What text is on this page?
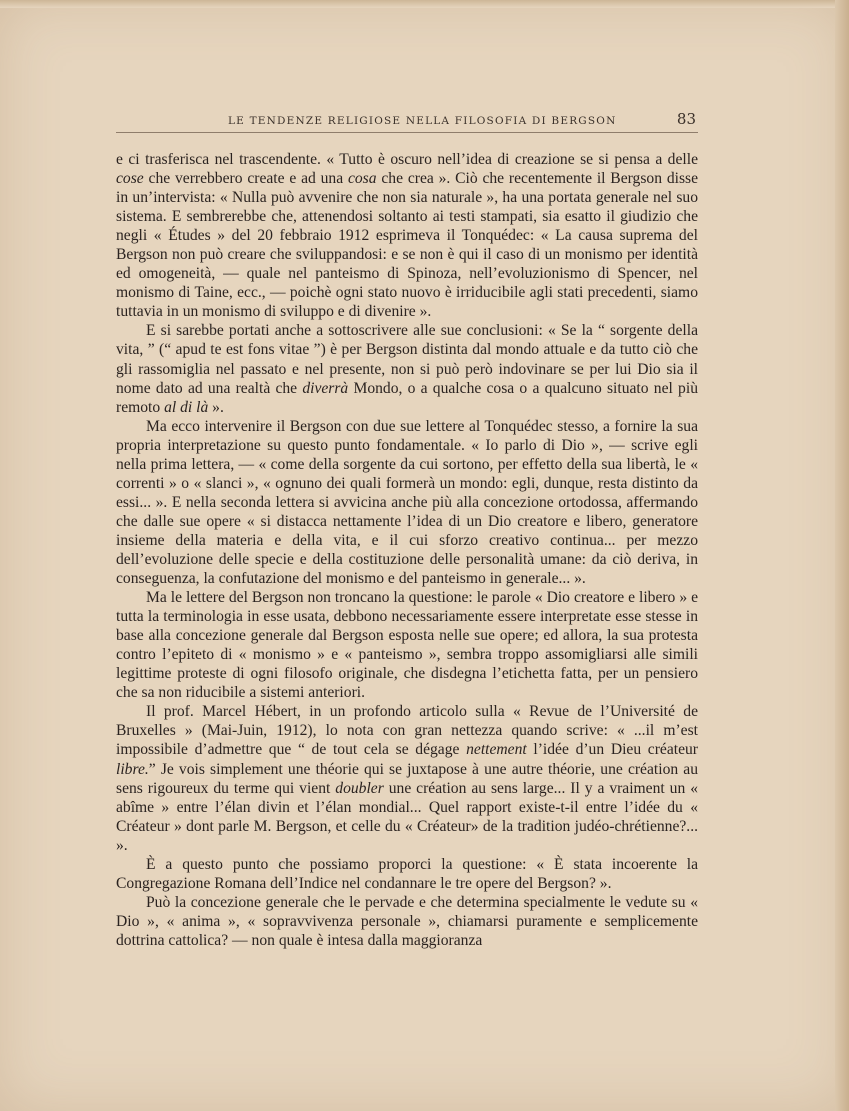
LE TENDENZE RELIGIOSE NELLA FILOSOFIA DI BERGSON	83

e ci trasferisca nel trascendente. « Tutto è oscuro nell’idea di creazione se si pensa a delle cose che verrebbero create e ad una cosa che crea ». Ciò che recentemente il Bergson disse in un’intervista: « Nulla può avvenire che non sia naturale », ha una portata generale nel suo sistema. E sembrerebbe che, attenendosi soltanto ai testi stampati, sia esatto il giudizio che negli « Études » del 20 febbraio 1912 esprimeva il Tonquédec: « La causa suprema del Bergson non può creare che sviluppandosi: e se non è qui il caso di un monismo per identità ed omogeneità, — quale nel panteismo di Spinoza, nell’evoluzionismo di Spencer, nel monismo di Taine, ecc., — poichè ogni stato nuovo è irriducibile agli stati precedenti, siamo tuttavia in un monismo di sviluppo e di divenire ».

E si sarebbe portati anche a sottoscrivere alle sue conclusioni: « Se la “ sorgente della vita, ” (“ apud te est fons vitae ”) è per Bergson distinta dal mondo attuale e da tutto ciò che gli rassomiglia nel passato e nel presente, non si può però indovinare se per lui Dio sia il nome dato ad una realtà che diverrà Mondo, o a qualche cosa o a qualcuno situato nel più remoto al di là ».

Ma ecco intervenire il Bergson con due sue lettere al Tonquédec stesso, a fornire la sua propria interpretazione su questo punto fondamentale. « Io parlo di Dio », — scrive egli nella prima lettera, — « come della sorgente da cui sortono, per effetto della sua libertà, le « correnti » o « slanci », « ognuno dei quali formerà un mondo: egli, dunque, resta distinto da essi... ». E nella seconda lettera si avvicina anche più alla concezione ortodossa, affermando che dalle sue opere « si distacca nettamente l’idea di un Dio creatore e libero, generatore insieme della materia e della vita, e il cui sforzo creativo continua... per mezzo dell’evoluzione delle specie e della costituzione delle personalità umane: da ciò deriva, in conseguenza, la confutazione del monismo e del panteismo in generale... ».

Ma le lettere del Bergson non troncano la questione: le parole « Dio creatore e libero » e tutta la terminologia in esse usata, debbono necessariamente essere interpretate esse stesse in base alla concezione generale dal Bergson esposta nelle sue opere; ed allora, la sua protesta contro l’epiteto di « monismo » e « panteismo », sembra troppo assomigliarsi alle simili legittime proteste di ogni filosofo originale, che disdegna l’etichetta fatta, per un pensiero che sa non riducibile a sistemi anteriori.

Il prof. Marcel Hébert, in un profondo articolo sulla « Revue de l’Université de Bruxelles » (Mai-Juin, 1912), lo nota con gran nettezza quando scrive: « ...il m’est impossibile d’admettre que “ de tout cela se dégage nettement l’idée d’un Dieu créateur libre.” Je vois simplement une théorie qui se juxtapose à une autre théorie, une création au sens rigoureux du terme qui vient doubler une création au sens large... Il y a vraiment un « abîme » entre l’élan divin et l’élan mondial... Quel rapport existe-t-il entre l’idée du « Créateur » dont parle M. Bergson, et celle du « Créateur» de la tradition judéo-chrétienne?... ».

È a questo punto che possiamo proporci la questione: « È stata incoerente la Congregazione Romana dell’Indice nel condannare le tre opere del Bergson? ».

Può la concezione generale che le pervade e che determina specialmente le vedute su « Dio », « anima », « sopravvivenza personale », chiamarsi puramente e semplicemente dottrina cattolica? — non quale è intesa dalla maggioranza
